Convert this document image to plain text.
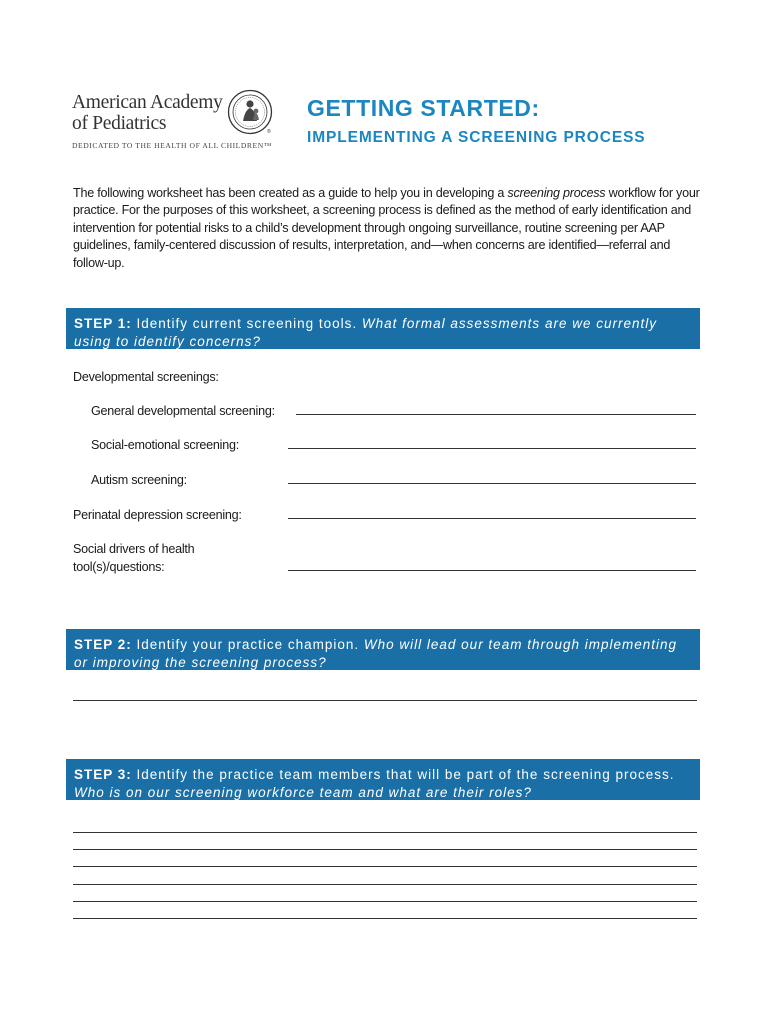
American Academy
of Pediatrics	®
DEDICATED TO THE HEALTH OF ALL CHILDREN™
GETTING STARTED:
IMPLEMENTING A SCREENING PROCESS

The following worksheet has been created as a guide to help you in developing a screening process workflow for your practice. For the purposes of this worksheet, a screening process is defined as the method of early identification and intervention for potential risks to a child’s development through ongoing surveillance, routine screening per AAP guidelines, family-centered discussion of results, interpretation, and—when concerns are identified—referral and follow-up.

STEP 1: Identify current screening tools. What formal assessments are we currently using to identify concerns?
Developmental screenings:
General developmental screening:
Social-emotional screening:
Autism screening:
Perinatal depression screening:
Social drivers of health
tool(s)/questions:
STEP 2: Identify your practice champion. Who will lead our team through implementing or improving the screening process?
STEP 3: Identify the practice team members that will be part of the screening process. Who is on our screening workforce team and what are their roles?
